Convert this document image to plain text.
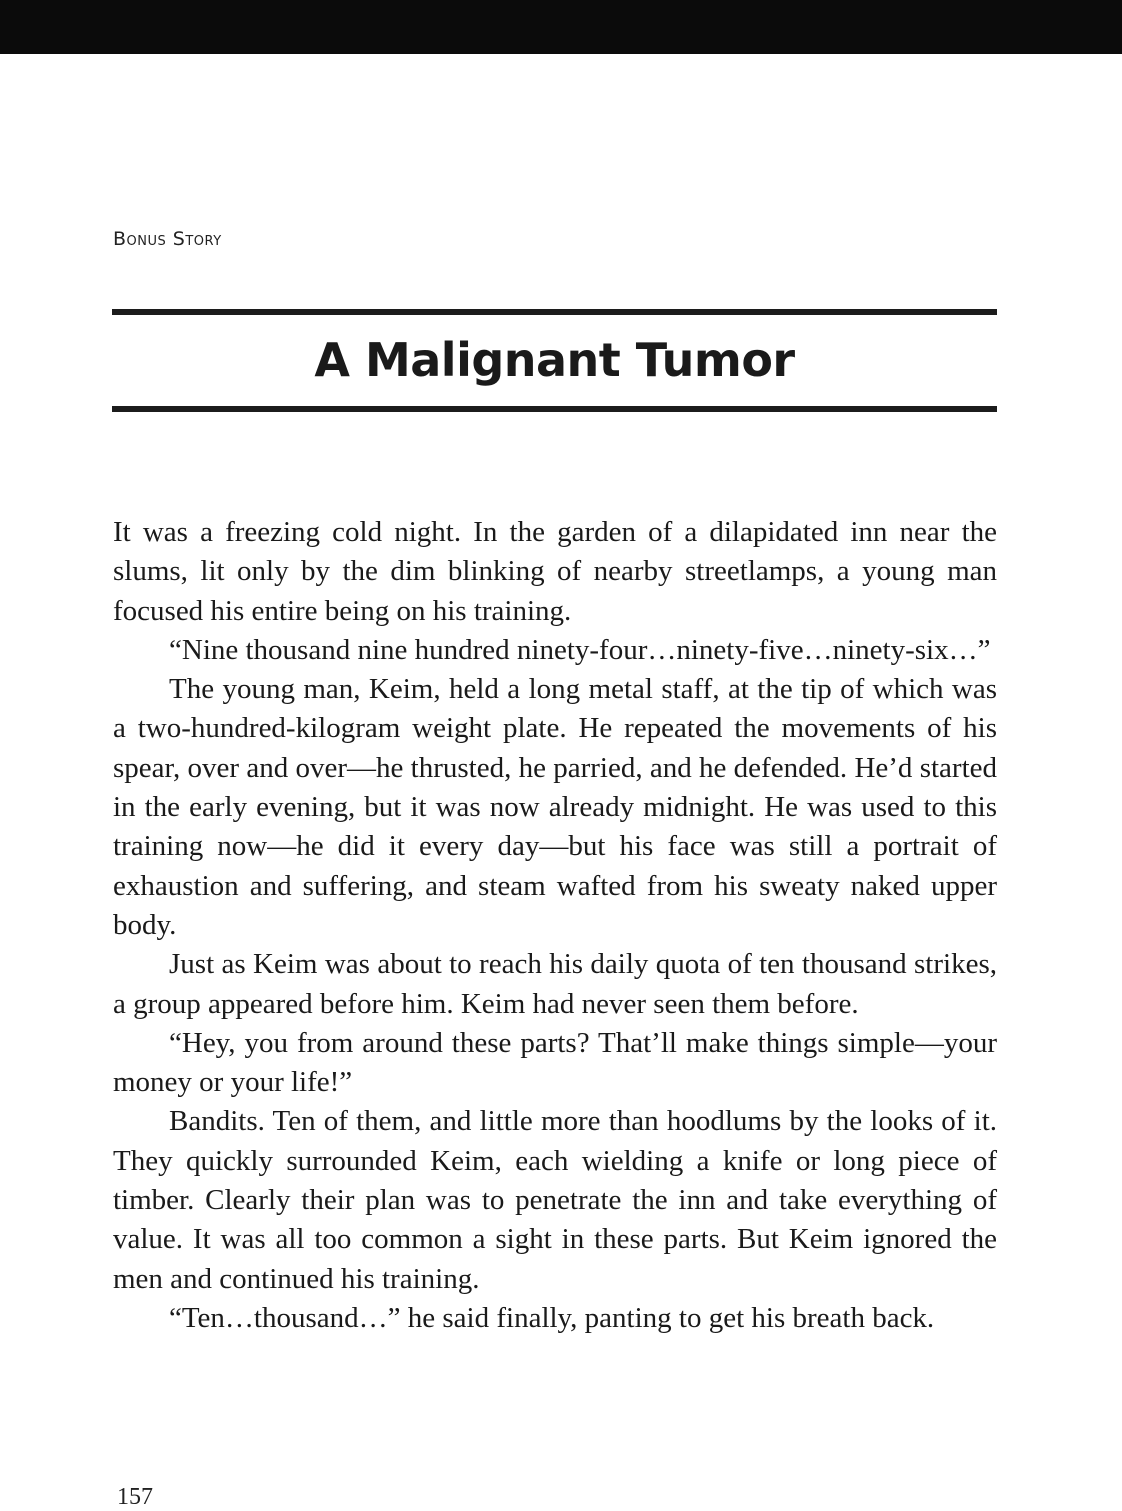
Bonus Story
A Malignant Tumor

It was a freezing cold night. In the garden of a dilapidated inn near the slums, lit only by the dim blinking of nearby streetlamps, a young man focused his entire being on his training.

“Nine thousand nine hundred ninety-four…ninety-five…ninety-six…”

The young man, Keim, held a long metal staff, at the tip of which was a two-hundred-kilogram weight plate. He repeated the movements of his spear, over and over—he thrusted, he parried, and he defended. He’d started in the early evening, but it was now already midnight. He was used to this training now—he did it every day—but his face was still a portrait of exhaustion and suffering, and steam wafted from his sweaty naked upper body.

Just as Keim was about to reach his daily quota of ten thousand strikes, a group appeared before him. Keim had never seen them before.

“Hey, you from around these parts? That’ll make things simple—your money or your life!”

Bandits. Ten of them, and little more than hoodlums by the looks of it. They quickly surrounded Keim, each wielding a knife or long piece of timber. Clearly their plan was to penetrate the inn and take everything of value. It was all too common a sight in these parts. But Keim ignored the men and continued his training.

“Ten…thousand…” he said finally, panting to get his breath back.

157
